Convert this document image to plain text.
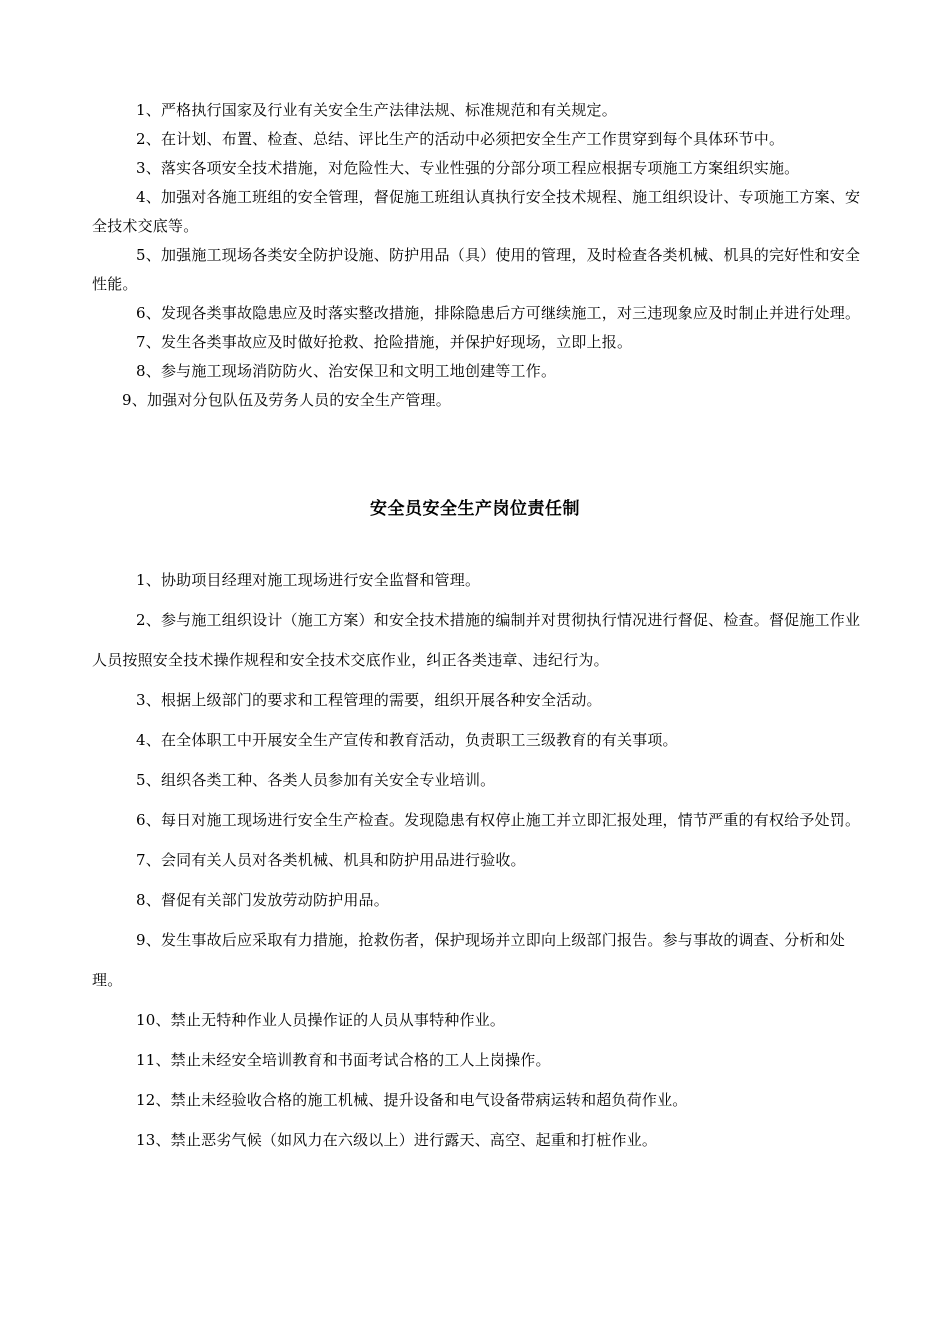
1、严格执行国家及行业有关安全生产法律法规、标准规范和有关规定。

2、在计划、布置、检查、总结、评比生产的活动中必须把安全生产工作贯穿到每个具体环节中。

3、落实各项安全技术措施，对危险性大、专业性强的分部分项工程应根据专项施工方案组织实施。

4、加强对各施工班组的安全管理，督促施工班组认真执行安全技术规程、施工组织设计、专项施工方案、安全技术交底等。

5、加强施工现场各类安全防护设施、防护用品（具）使用的管理，及时检查各类机械、机具的完好性和安全性能。

6、发现各类事故隐患应及时落实整改措施，排除隐患后方可继续施工，对三违现象应及时制止并进行处理。

7、发生各类事故应及时做好抢救、抢险措施，并保护好现场，立即上报。

8、参与施工现场消防防火、治安保卫和文明工地创建等工作。

9、加强对分包队伍及劳务人员的安全生产管理。

安全员安全生产岗位责任制

1、协助项目经理对施工现场进行安全监督和管理。

2、参与施工组织设计（施工方案）和安全技术措施的编制并对贯彻执行情况进行督促、检查。督促施工作业人员按照安全技术操作规程和安全技术交底作业，纠正各类违章、违纪行为。

3、根据上级部门的要求和工程管理的需要，组织开展各种安全活动。

4、在全体职工中开展安全生产宣传和教育活动，负责职工三级教育的有关事项。

5、组织各类工种、各类人员参加有关安全专业培训。

6、每日对施工现场进行安全生产检查。发现隐患有权停止施工并立即汇报处理，情节严重的有权给予处罚。

7、会同有关人员对各类机械、机具和防护用品进行验收。

8、督促有关部门发放劳动防护用品。

9、发生事故后应采取有力措施，抢救伤者，保护现场并立即向上级部门报告。参与事故的调查、分析和处理。

10、禁止无特种作业人员操作证的人员从事特种作业。

11、禁止未经安全培训教育和书面考试合格的工人上岗操作。

12、禁止未经验收合格的施工机械、提升设备和电气设备带病运转和超负荷作业。

13、禁止恶劣气候（如风力在六级以上）进行露天、高空、起重和打桩作业。
